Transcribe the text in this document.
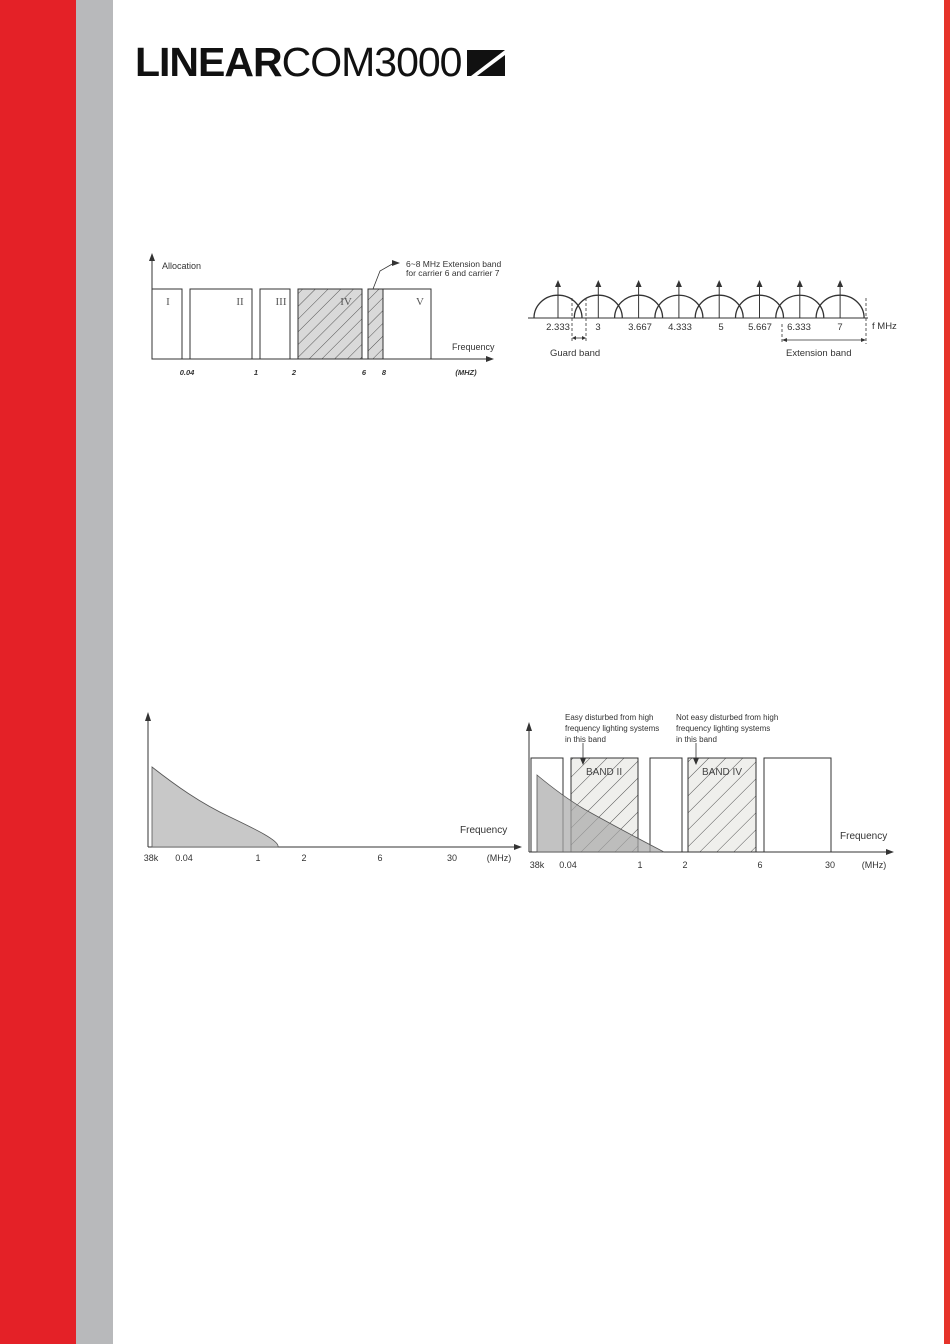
LINEAR COM3000
Allocation
Frequency
I	II	III	IV	V
6~8 MHz Extension band
for carrier 6 and carrier 7
0.04	1	2	6 8	(MHZ)
2.333	3	3.667 4.333	5	5.667 6.333	7	f MHz
Guard band	Extension band
Frequency
38k 0.04	1	2	6	30	(MHz)
BAND II	BAND IV
Easy disturbed from high
frequency lighting systems
in this band
Not easy disturbed from high
frequency lighting systems
in this band
Frequency
38k 0.04	1	2	6	30	(MHz)
